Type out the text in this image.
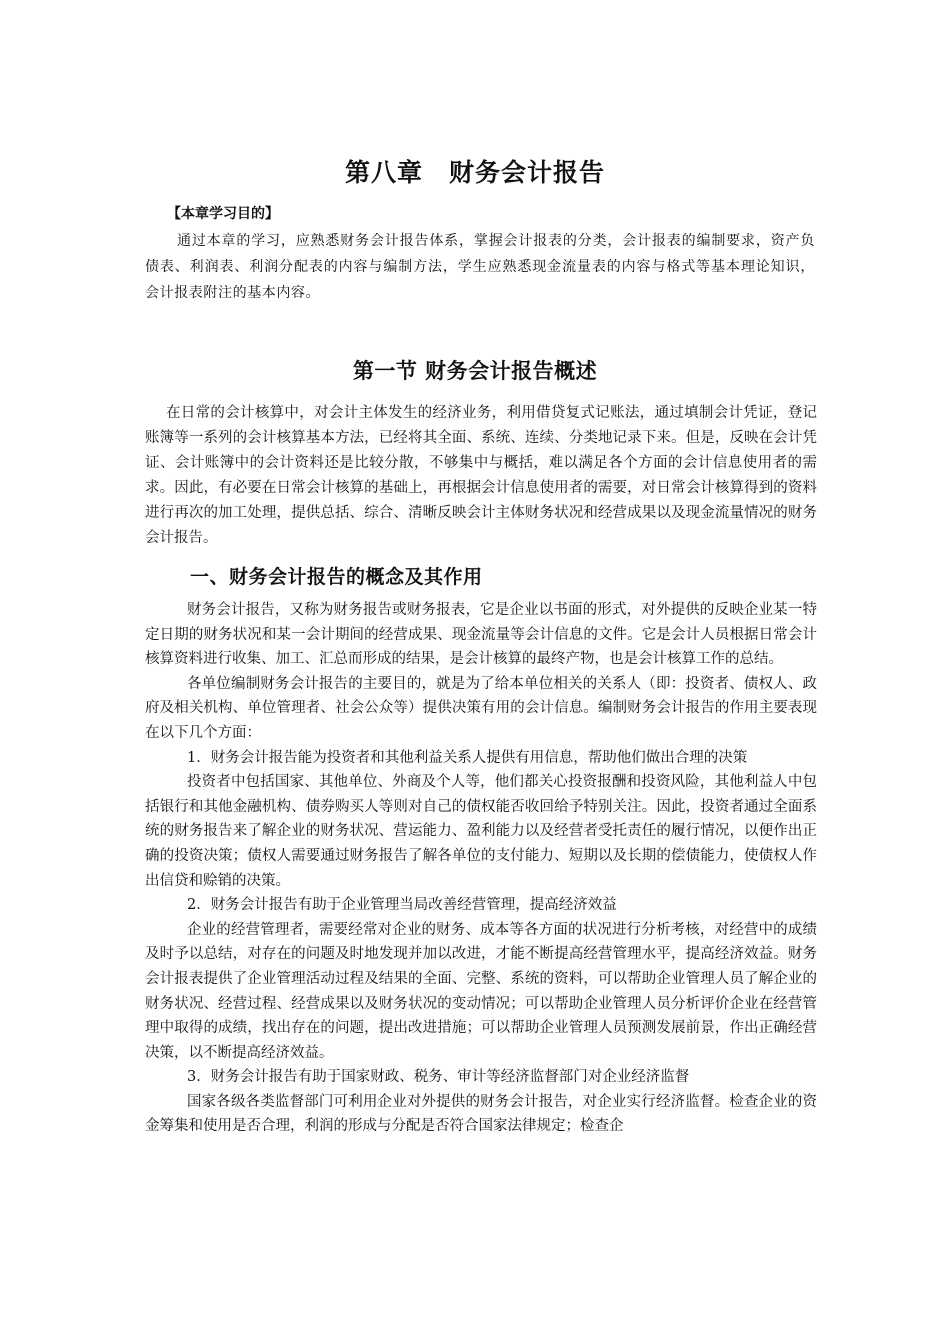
第八章　财务会计报告

【本章学习目的】

通过本章的学习，应熟悉财务会计报告体系，掌握会计报表的分类，会计报表的编制要求，资产负债表、利润表、利润分配表的内容与编制方法，学生应熟悉现金流量表的内容与格式等基本理论知识，会计报表附注的基本内容。

第一节 财务会计报告概述

在日常的会计核算中，对会计主体发生的经济业务，利用借贷复式记账法，通过填制会计凭证，登记账簿等一系列的会计核算基本方法，已经将其全面、系统、连续、分类地记录下来。但是，反映在会计凭证、会计账簿中的会计资料还是比较分散，不够集中与概括，难以满足各个方面的会计信息使用者的需求。因此，有必要在日常会计核算的基础上，再根据会计信息使用者的需要，对日常会计核算得到的资料进行再次的加工处理，提供总括、综合、清晰反映会计主体财务状况和经营成果以及现金流量情况的财务会计报告。

一、财务会计报告的概念及其作用

财务会计报告，又称为财务报告或财务报表，它是企业以书面的形式，对外提供的反映企业某一特定日期的财务状况和某一会计期间的经营成果、现金流量等会计信息的文件。它是会计人员根据日常会计核算资料进行收集、加工、汇总而形成的结果，是会计核算的最终产物，也是会计核算工作的总结。

各单位编制财务会计报告的主要目的，就是为了给本单位相关的关系人（即：投资者、债权人、政府及相关机构、单位管理者、社会公众等）提供决策有用的会计信息。编制财务会计报告的作用主要表现在以下几个方面：

1．财务会计报告能为投资者和其他利益关系人提供有用信息，帮助他们做出合理的决策

投资者中包括国家、其他单位、外商及个人等，他们都关心投资报酬和投资风险，其他利益人中包括银行和其他金融机构、债券购买人等则对自己的债权能否收回给予特别关注。因此，投资者通过全面系统的财务报告来了解企业的财务状况、营运能力、盈利能力以及经营者受托责任的履行情况，以便作出正确的投资决策；债权人需要通过财务报告了解各单位的支付能力、短期以及长期的偿债能力，使债权人作出信贷和赊销的决策。

2．财务会计报告有助于企业管理当局改善经营管理，提高经济效益

企业的经营管理者，需要经常对企业的财务、成本等各方面的状况进行分析考核，对经营中的成绩及时予以总结，对存在的问题及时地发现并加以改进，才能不断提高经营管理水平，提高经济效益。财务会计报表提供了企业管理活动过程及结果的全面、完整、系统的资料，可以帮助企业管理人员了解企业的财务状况、经营过程、经营成果以及财务状况的变动情况；可以帮助企业管理人员分析评价企业在经营管理中取得的成绩，找出存在的问题，提出改进措施；可以帮助企业管理人员预测发展前景，作出正确经营决策，以不断提高经济效益。

3．财务会计报告有助于国家财政、税务、审计等经济监督部门对企业经济监督

国家各级各类监督部门可利用企业对外提供的财务会计报告，对企业实行经济监督。检查企业的资金筹集和使用是否合理，利润的形成与分配是否符合国家法律规定；检查企
